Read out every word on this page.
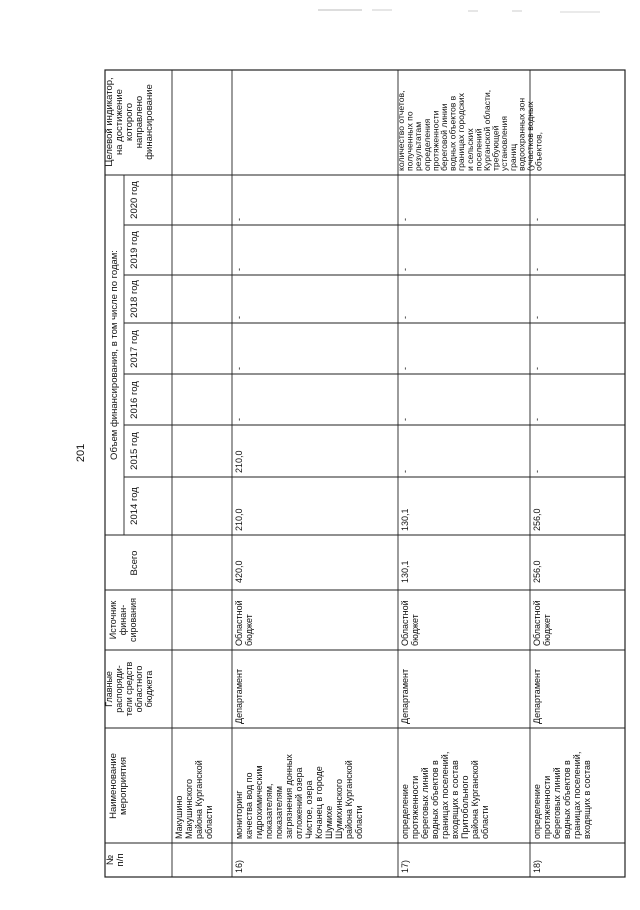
201
№ п/п
Наименование мероприятия
Главные распоряди- тели средств областного бюджета
Источник финан- сирования
Объем финансирования, в том числе по годам:
Всего
2014 год
2015 год
2016 год
2017 год
2018 год
2019 год
2020 год
Целевой индикатор, на достижение которого направлено финансирование
Макушино Макушинского района Курганской области
16)
мониторинг качества вод по гидрохимическим показателям, показателям загрязнения донных отложений озера Чистое, озера Кочанец в городе Шумихе Шумихинского района Курганской области
Департамент
Областной бюджет
420,0
210,0
210,0
-
-
-
-
-
17)
определение протяженности береговых линий водных объектов в границах поселений, входящих в состав Притобольного района Курганской области
Департамент
Областной бюджет
130,1
130,1
-
-
-
-
-
-
18)
определение протяженности береговых линий водных объектов в границах поселений, входящих в состав
Департамент
Областной бюджет
256,0
256,0
-
-
-
-
-
-
количество отчетов,
полученных по
результатам
определения
протяженности
береговой линии
водных объектов в
границах городских
и сельских
поселений
Курганской области,
требующей
установления
границ
водоохранных зон
(участков водных
объектов,
